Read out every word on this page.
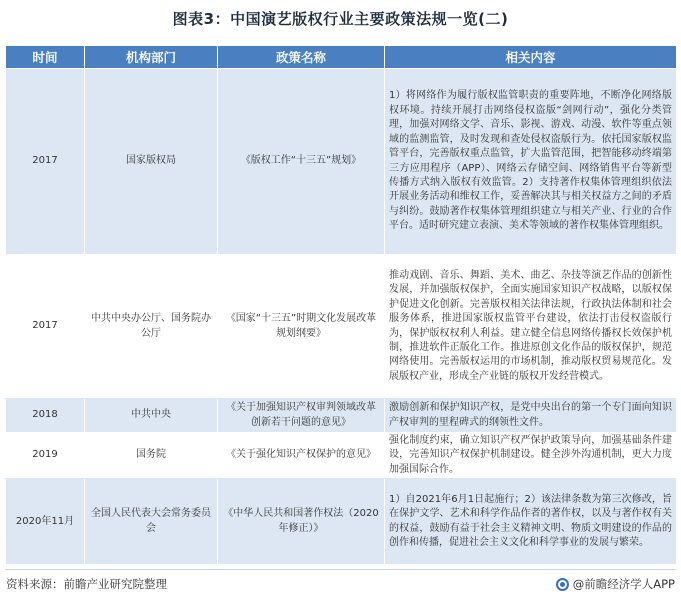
图表3：中国演艺版权行业主要政策法规一览(二)
时间	机构部门	政策名称	相关内容
2017	国家版权局	《版权工作“十三五”规划》	1）将网络作为履行版权监管职责的重要阵地，不断净化网络版权环境。持续开展打击网络侵权盗版“剑网行动”，强化分类管理，加强对网络文学、音乐、影视、游戏、动漫、软件等重点领域的监测监管，及时发现和查处侵权盗版行为。依托国家版权监管平台，完善版权重点监管，扩大监管范围，把智能移动终端第三方应用程序（APP）、网络云存储空间、网络销售平台等新型传播方式纳入版权有效监管。2）支持著作权集体管理组织依法开展业务活动和维权工作，妥善解决其与相关权益方之间的矛盾与纠纷。鼓励著作权集体管理组织建立与相关产业、行业的合作平台。适时研究建立表演、美术等领域的著作权集体管理组织。
2017	中共中央办公厅、国务院办公厅	《国家“十三五”时期文化发展改革规划纲要》	推动戏剧、音乐、舞蹈、美术、曲艺、杂技等演艺作品的创新性发展，并加强版权保护，全面实施国家知识产权战略，以版权保护促进文化创新。完善版权相关法律法规，行政执法体制和社会服务体系，推进国家版权监管平台建设，依法打击侵权盗版行为，保护版权权利人利益。建立健全信息网络传播权长效保护机制，推进软件正版化工作。推进原创文化作品的版权保护，规范网络使用。完善版权运用的市场机制，推动版权贸易规范化。发展版权产业，形成全产业链的版权开发经营模式。
2018	中共中央	《关于加强知识产权审判领域改革创新若干问题的意见》	激励创新和保护知识产权，是党中央出台的第一个专门面向知识产权审判的里程碑式的纲领性文件。
2019	国务院	《关于强化知识产权保护的意见》	强化制度约束，确立知识产权严保护政策导向，加强基础条件建设，完善知识产权保护机制建设。健全涉外沟通机制，更大力度加强国际合作。
2020年11月	全国人民代表大会常务委员会	《中华人民共和国著作权法（2020年修正）》	1）自2021年6月1日起施行；2）该法律条数为第三次修改，旨在保护文学、艺术和科学作品作者的著作权，以及与著作权有关的权益，鼓励有益于社会主义精神文明、物质文明建设的作品的创作和传播，促进社会主义文化和科学事业的发展与繁荣。
资料来源：前瞻产业研究院整理	@前瞻经济学人APP
